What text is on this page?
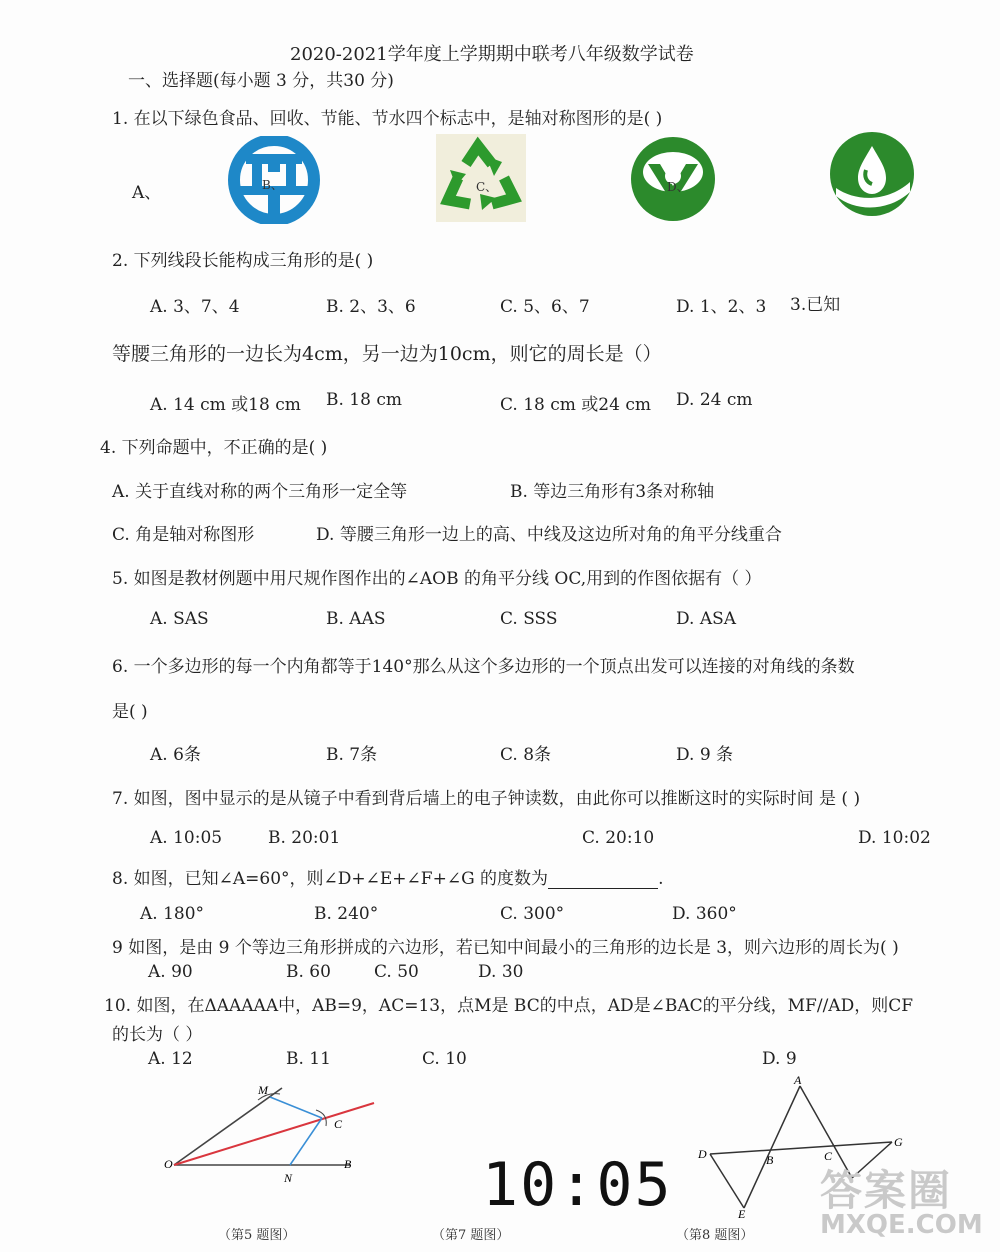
2020-2021学年度上学期期中联考八年级数学试卷
一、选择题(每小题 3 分，共30 分)
1. 在以下绿色食品、回收、节能、节水四个标志中，是轴对称图形的是( )
A、	B、	C、	D、
2. 下列线段长能构成三角形的是( )
A. 3、7、4	B. 2、3、6	C. 5、6、7	D. 1、2、3 3.已知
等腰三角形的一边长为4cm，另一边为10cm，则它的周长是（）
A. 14 cm 或18 cm B. 18 cm	C. 18 cm 或24 cm D. 24 cm
4. 下列命题中，不正确的是( )
A. 关于直线对称的两个三角形一定全等	B. 等边三角形有3条对称轴
C. 角是轴对称图形	D. 等腰三角形一边上的高、中线及这边所对角的角平分线重合
5. 如图是教材例题中用尺规作图作出的∠AOB 的角平分线 OC,用到的作图依据有（ ）
A. SAS	B. AAS	C. SSS	D. ASA
6. 一个多边形的每一个内角都等于140°那么从这个多边形的一个顶点出发可以连接的对角线的条数
是( )
A. 6条	B. 7条	C. 8条	D. 9 条
7. 如图，图中显示的是从镜子中看到背后墙上的电子钟读数，由此你可以推断这时的实际时间 是 ( )
A. 10:05	B. 20:01	C. 20:10	D. 10:02
8. 如图，已知∠A=60°，则∠D+∠E+∠F+∠G 的度数为	.
A. 180°	B. 240°	C. 300°	D. 360°
9 如图，是由 9 个等边三角形拼成的六边形，若已知中间最小的三角形的边长是 3，则六边形的周长为( )
A. 90	B. 60	C. 50	D. 30
10. 如图，在ΔAAAAA中，AB=9，AC=13，点M是 BC的中点，AD是∠BAC的平分线，MF//AD，则CF
的长为（ ）
A. 12	B. 11	C. 10	D. 9
M
C
O
N
B
（第5 题图）
10:05
（第7 题图）
A
D	B	C
G
E
（第8 题图）
答案圈
MXQE.COM
